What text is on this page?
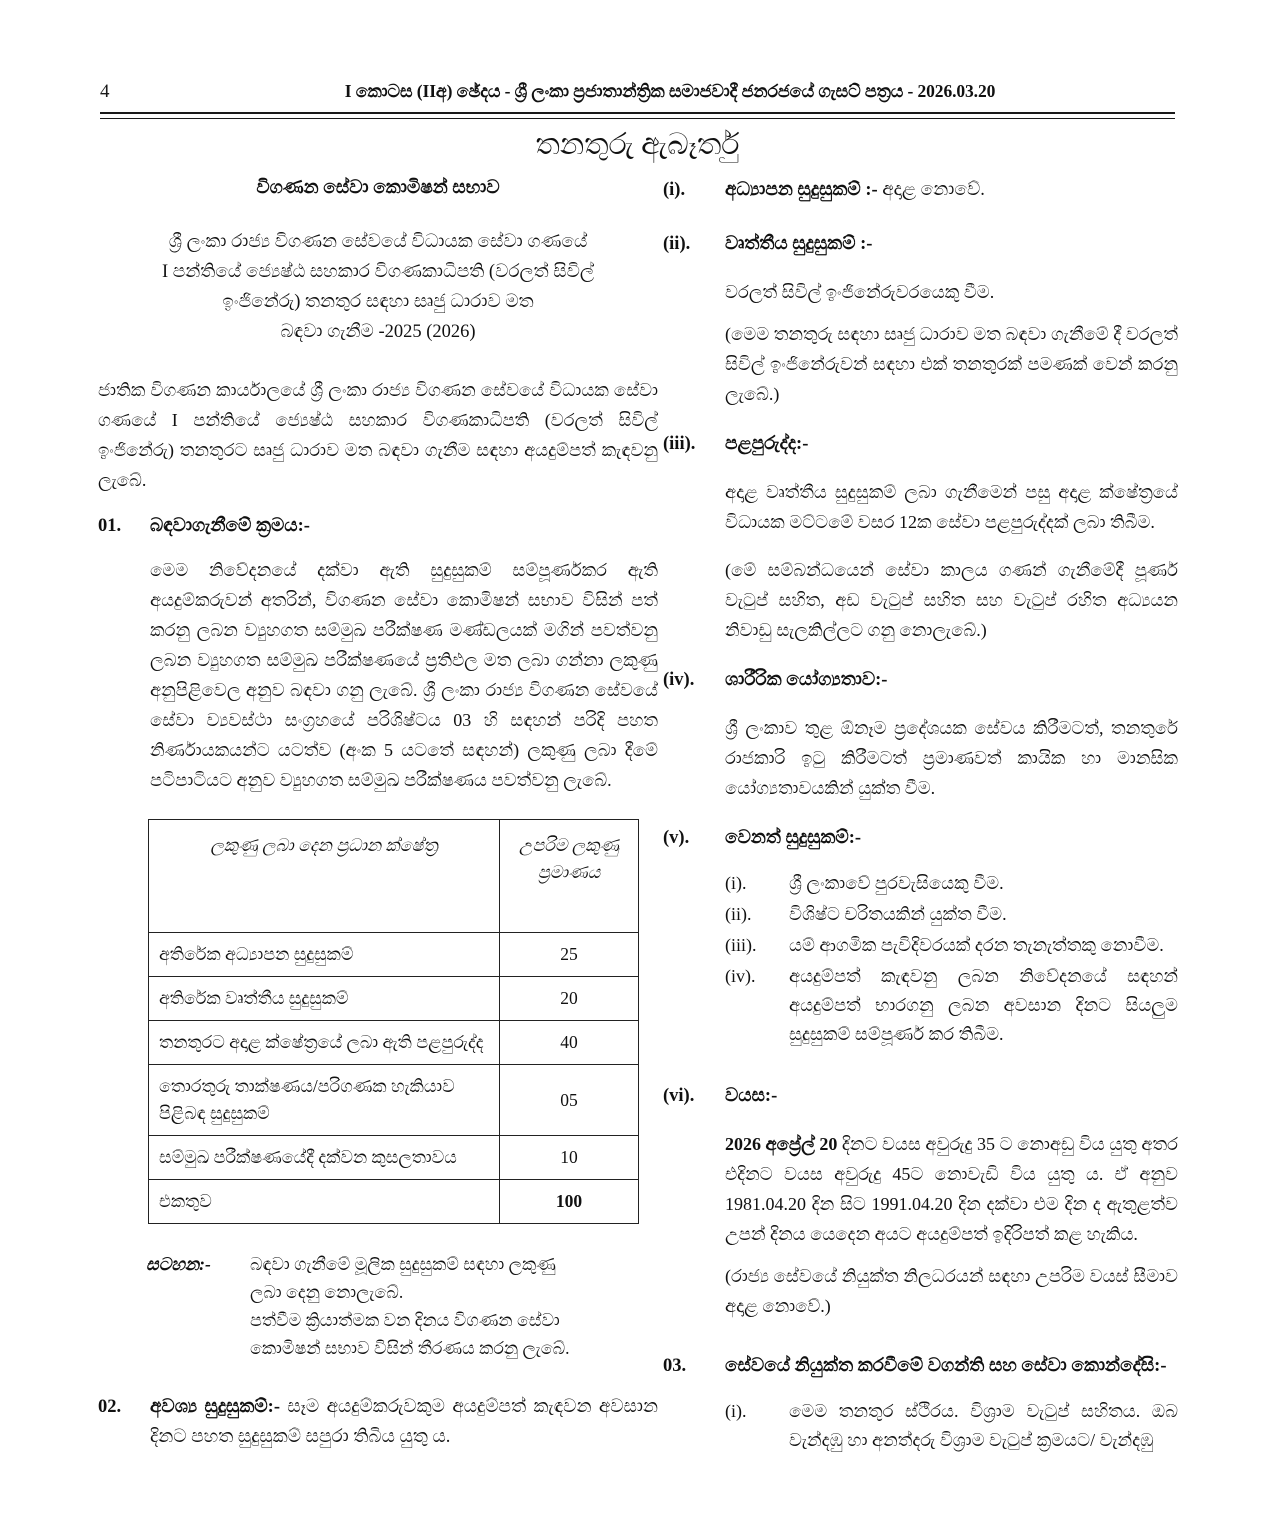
4	I කොටස (IIඅ) ඡේදය - ශ්‍රී ලංකා ප්‍රජාතාන්ත්‍රික සමාජවාදී ජනරජයේ ගැසට් පත්‍රය - 2026.03.20
තනතුරු ඇබෑර්තු
විගණන සේවා කොමිෂන් සභාව
ශ්‍රී ලංකා රාජ්‍ය විගණන සේවයේ විධායක සේවා ගණයේ
I පන්තියේ ජ්‍යෙෂ්ඨ සහකාර විගණකාධිපති (වරලත් සිවිල්
ඉංජිනේරු) තනතුර සඳහා සෘජු ධාරාව මත
බඳවා ගැනීම -2025 (2026)

ජාතික විගණන කාර්යාලයේ ශ්‍රී ලංකා රාජ්‍ය විගණන සේවයේ විධායක සේවා ගණයේ I පන්තියේ ජ්‍යෙෂ්ඨ සහකාර විගණකාධිපති (වරලත් සිවිල් ඉංජිනේරු) තනතුරට සෘජු ධාරාව මත බඳවා ගැනීම සඳහා අයදුම්පත් කැඳවනු ලැබේ.

01.	බඳවාගැනීමේ ක්‍රමය:-
මෙම නිවේදනයේ දක්වා ඇති සුදුසුකම් සම්පූර්ණකර ඇති අයදුම්කරුවන් අතරින්, විගණන සේවා කොමිෂන් සභාව විසින් පත් කරනු ලබන ව්‍යුහගත සම්මුඛ පරීක්ෂණ මණ්ඩලයක් මගින් පවත්වනු ලබන ව්‍යුහගත සම්මුඛ පරීක්ෂණයේ ප්‍රතිඵල මත ලබා ගන්නා ලකුණු අනුපිළිවෙල අනුව බඳවා ගනු ලැබේ. ශ්‍රී ලංකා රාජ්‍ය විගණන සේවයේ සේවා ව්‍යවස්ථා සංග්‍රහයේ පරිශිෂ්ටය 03 හි සඳහන් පරිදි පහත නිර්ණායකයන්ට යටත්ව (අංක 5 යටතේ සඳහන්) ලකුණු ලබා දීමේ පටිපාටියට අනුව ව්‍යුහගත සම්මුඛ පරීක්ෂණය පවත්වනු ලැබේ.
ලකුණු ලබා දෙන ප්‍රධාන ක්ෂේත්‍ර	උපරිම ලකුණු ප්‍රමාණය
අතිරේක අධ්‍යාපන සුදුසුකම්	25
අතිරේක වෘත්තීය සුදුසුකම්	20
තනතුරට අදාළ ක්ෂේත්‍රයේ ලබා ඇති පළපුරුද්ද	40
තොරතුරු තාක්ෂණය/පරිගණක හැකියාව පිළිබඳ සුදුසුකම්	05
සම්මුඛ පරීක්ෂණයේදී දක්වන කුසලතාවය	10
එකතුව	100
සටහන:-	බඳවා ගැනීමේ මූලික සුදුසුකම් සඳහා ලකුණු
ලබා දෙනු නොලැබේ.
පත්වීම ක්‍රියාත්මක වන දිනය විගණන සේවා
කොමිෂන් සභාව විසින් තීරණය කරනු ලැබේ.
02.	අවශ්‍ය සුදුසුකම්:- සෑම අයදුම්කරුවකුම අයදුම්පත් කැඳවන අවසාන දිනට පහත සුදුසුකම් සපුරා තිබිය යුතු ය.
(i).	අධ්‍යාපන සුදුසුකම් :- අදාළ නොවේ.
(ii).	වෘත්තීය සුදුසුකම් :-
වරලත් සිවිල් ඉංජිනේරුවරයෙකු වීම.
(මෙම තනතුරු සඳහා සෘජු ධාරාව මත බඳවා ගැනීමේ දී වරලත් සිවිල් ඉංජිනේරුවන් සඳහා එක් තනතුරක් පමණක් වෙන් කරනු ලැබේ.)
(iii).	පළපුරුද්ද:-
අදාළ වෘත්තීය සුදුසුකම් ලබා ගැනීමෙන් පසු අදාළ ක්ෂේත්‍රයේ විධායක මට්ටමේ වසර 12ක සේවා පළපුරුද්දක් ලබා තිබීම.
(මේ සම්බන්ධයෙන් සේවා කාලය ගණන් ගැනීමේදී පූර්ණ වැටුප් සහිත, අඩ වැටුප් සහිත සහ වැටුප් රහිත අධ්‍යයන නිවාඩු සැලකිල්ලට ගනු නොලැබේ.)
(iv).	ශාරීරික යෝග්‍යතාව:-
ශ්‍රී ලංකාව තුළ ඕනෑම ප්‍රදේශයක සේවය කිරීමටත්, තනතුරේ රාජකාරි ඉටු කිරීමටත් ප්‍රමාණවත් කායික හා මානසික යෝග්‍යතාවයකින් යුක්ත වීම.
(v).	වෙනත් සුදුසුකම්:-
(i).	ශ්‍රී ලංකාවේ පුරවැසියෙකු වීම.
(ii).	විශිෂ්ට චරිතයකින් යුක්ත වීම.
(iii).	යම් ආගමික පැවිදිවරයක් දරන තැනැත්තකු නොවීම.
(iv).	අයදුම්පත් කැඳවනු ලබන නිවේදනයේ සඳහන් අයදුම්පත් භාරගනු ලබන අවසාන දිනට සියලුම සුදුසුකම් සම්පූර්ණ කර තිබීම.
(vi).	වයස:-
2026 අප්‍රේල් 20 දිනට වයස අවුරුදු 35 ට නොඅඩු විය යුතු අතර එදිනට වයස අවුරුදු 45ට නොවැඩි විය යුතු ය. ඒ අනුව 1981.04.20 දින සිට 1991.04.20 දින දක්වා එම දින ද ඇතුළත්ව උපන් දිනය යෙදෙන අයට අයදුම්පත් ඉදිරිපත් කළ හැකිය.
(රාජ්‍ය සේවයේ නියුක්ත නිලධරයන් සඳහා උපරිම වයස් සීමාව අදාළ නොවේ.)
03.	සේවයේ නියුක්ත කරවීමේ වගන්ති සහ සේවා කොන්දේසි:-
(i).	මෙම තනතුර ස්ථිරය. විශ්‍රාම වැටුප් සහිතය. ඔබ වැන්දඹු හා අනත්දරු විශ්‍රාම වැටුප් ක්‍රමයට/ වැන්දඹු
